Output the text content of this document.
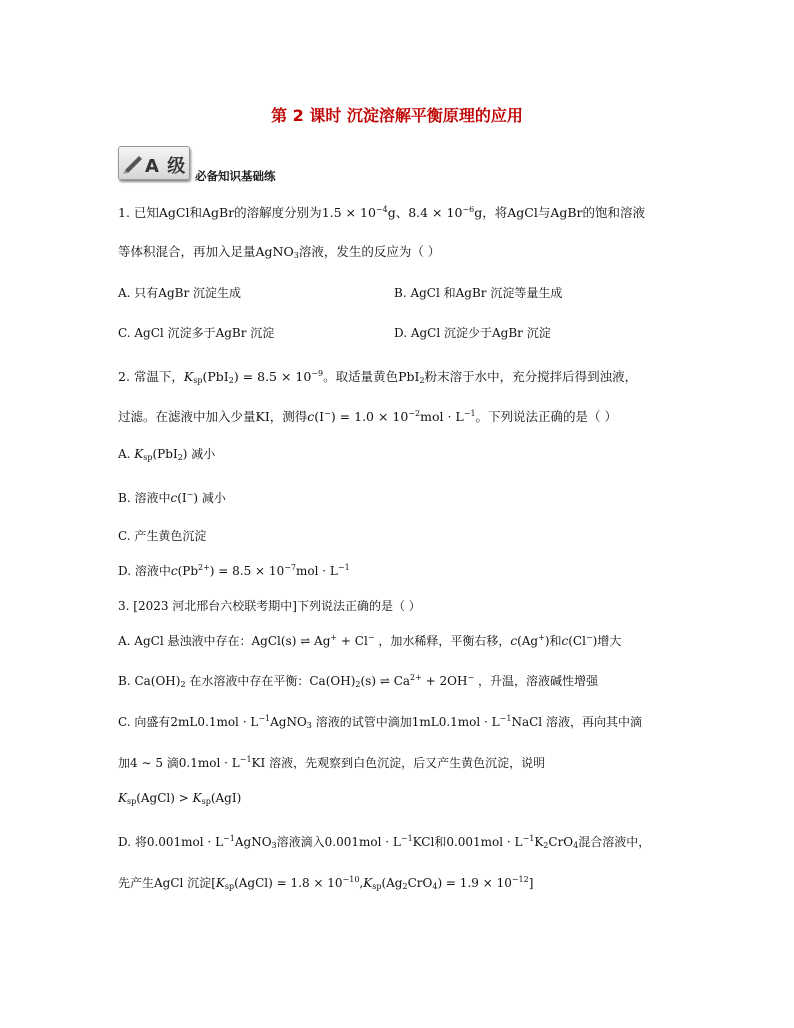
第 2 课时 沉淀溶解平衡原理的应用
A 级 必备知识基础练
1. 已知AgCl和AgBr的溶解度分别为$1.5 \times 10^{-4}g$、$8.4 \times 10^{-6}g$，将AgCl与AgBr的饱和溶液
等体积混合，再加入足量AgNO$_3$溶液，发生的反应为（ ）
A. 只有AgBr 沉淀生成	B. AgCl 和AgBr 沉淀等量生成
C. AgCl 沉淀多于AgBr 沉淀	D. AgCl 沉淀少于AgBr 沉淀
2. 常温下，$K_{sp}(PbI_2) = 8.5 \times 10^{-9}$。取适量黄色PbI$_2$粉末溶于水中，充分搅拌后得到浊液，
过滤。在滤液中加入少量KI，测得$c(I^-) = 1.0 \times 10^{-2}mol \cdot L^{-1}$。下列说法正确的是（ ）
A. $K_{sp}(PbI_2)$ 减小
B. 溶液中c(I−) 减小
C. 产生黄色沉淀
D. 溶液中$c(Pb^{2+}) = 8.5 \times 10^{-7}mol \cdot L^{-1}$
3. [2023 河北邢台六校联考期中]下列说法正确的是（ ）
A. AgCl 悬浊液中存在：AgCl(s) ⇌ Ag+ + Cl− ，加水稀释，平衡右移，c(Ag+)和c(Cl−)增大
B. $Ca(OH)_2$ 在水溶液中存在平衡：$Ca(OH)_2(s)$ ⇌ $Ca^{2+} + 2OH^-$ ，升温，溶液碱性增强
C. 向盛有$2mL0.1mol \cdot L^{-1}AgNO_3$ 溶液的试管中滴加$1mL0.1mol \cdot L^{-1}NaCl$ 溶液，再向其中滴
加4 ∼ 5 滴$0.1mol \cdot L^{-1}KI$ 溶液，先观察到白色沉淀，后又产生黄色沉淀，说明
$K_{sp}(AgCl) > K_{sp}(AgI)$
D. 将$0.001mol \cdot L^{-1}AgNO_3$溶液滴入$0.001mol \cdot L^{-1}KCl$和$0.001mol \cdot L^{-1}K_2CrO_4$混合溶液中，
先产生AgCl 沉淀$[K_{sp}(AgCl) = 1.8 \times 10^{-10},K_{sp}(Ag_2CrO_4) = 1.9 \times 10^{-12}]$
